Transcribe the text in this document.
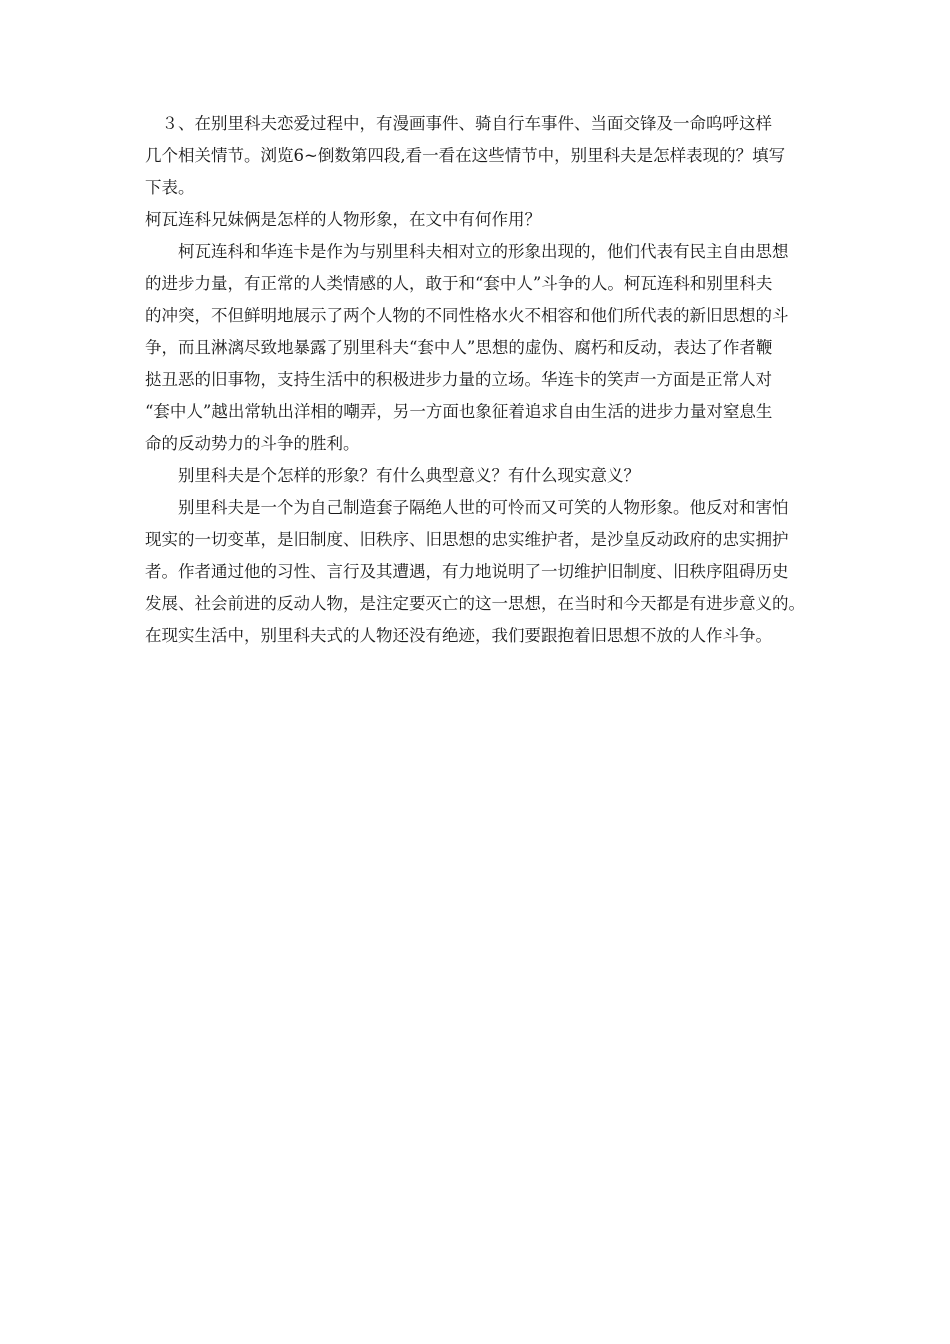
　３、在别里科夫恋爱过程中，有漫画事件、骑自行车事件、当面交锋及一命呜呼这样
几个相关情节。浏览6~倒数第四段,看一看在这些情节中，别里科夫是怎样表现的？填写
下表。
柯瓦连科兄妹俩是怎样的人物形象，在文中有何作用？
　　柯瓦连科和华连卡是作为与别里科夫相对立的形象出现的，他们代表有民主自由思想
的进步力量，有正常的人类情感的人，敢于和“套中人”斗争的人。柯瓦连科和别里科夫
的冲突，不但鲜明地展示了两个人物的不同性格水火不相容和他们所代表的新旧思想的斗
争，而且淋漓尽致地暴露了别里科夫“套中人”思想的虚伪、腐朽和反动，表达了作者鞭
挞丑恶的旧事物，支持生活中的积极进步力量的立场。华连卡的笑声一方面是正常人对
“套中人”越出常轨出洋相的嘲弄，另一方面也象征着追求自由生活的进步力量对窒息生
命的反动势力的斗争的胜利。
　　别里科夫是个怎样的形象？有什么典型意义？有什么现实意义？
　　别里科夫是一个为自己制造套子隔绝人世的可怜而又可笑的人物形象。他反对和害怕
现实的一切变革，是旧制度、旧秩序、旧思想的忠实维护者，是沙皇反动政府的忠实拥护
者。作者通过他的习性、言行及其遭遇，有力地说明了一切维护旧制度、旧秩序阻碍历史
发展、社会前进的反动人物，是注定要灭亡的这一思想，在当时和今天都是有进步意义的。
在现实生活中，别里科夫式的人物还没有绝迹，我们要跟抱着旧思想不放的人作斗争。
